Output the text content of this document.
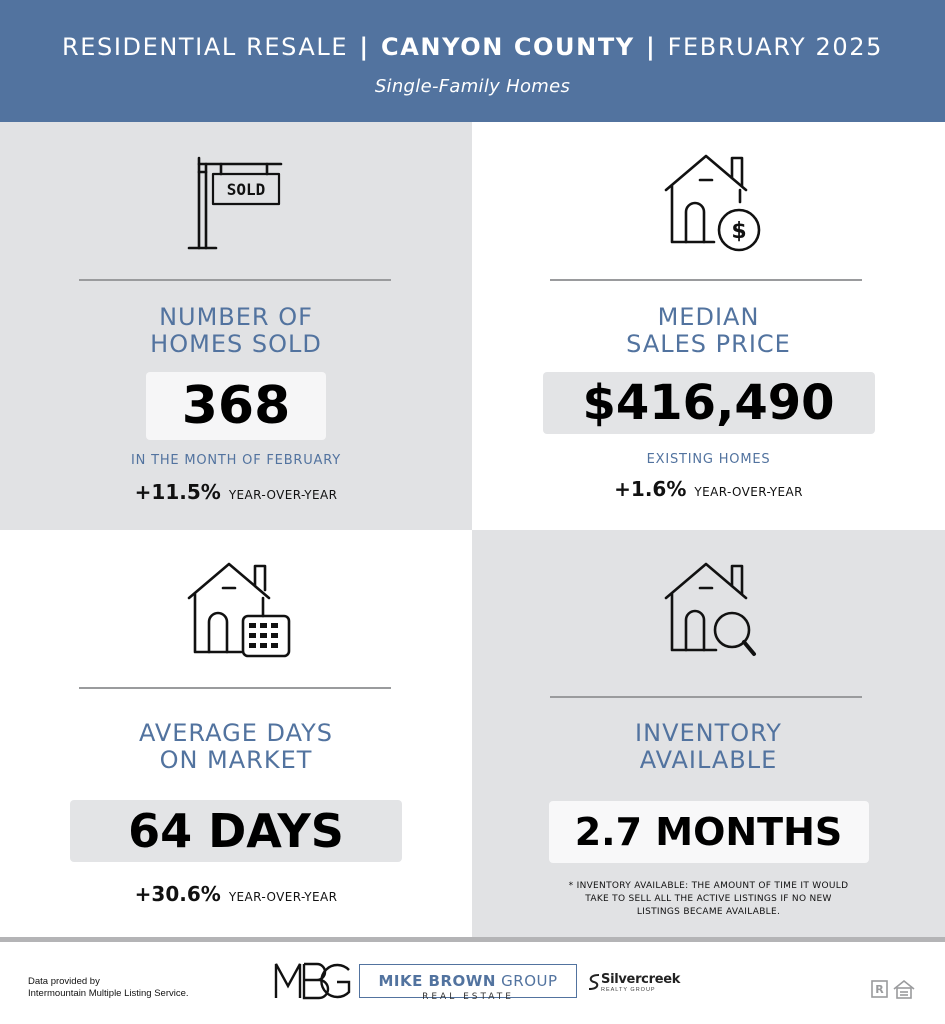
RESIDENTIAL RESALE | CANYON COUNTY | FEBRUARY 2025
Single-Family Homes
SOLD
NUMBER OF
HOMES SOLD
368
IN THE MONTH OF FEBRUARY
+11.5% YEAR-OVER-YEAR
$
MEDIAN
SALES PRICE
$416,490
EXISTING HOMES
+1.6% YEAR-OVER-YEAR
AVERAGE DAYS
ON MARKET
64 DAYS
+30.6% YEAR-OVER-YEAR
INVENTORY
AVAILABLE
2.7 MONTHS
* INVENTORY AVAILABLE: THE AMOUNT OF TIME IT WOULD
TAKE TO SELL ALL THE ACTIVE LISTINGS IF NO NEW
LISTINGS BECAME AVAILABLE.
Data provided by
Intermountain Multiple Listing Service.
MIKE BROWN GROUP
REAL ESTATE
Silvercreek
REALTY GROUP	R
